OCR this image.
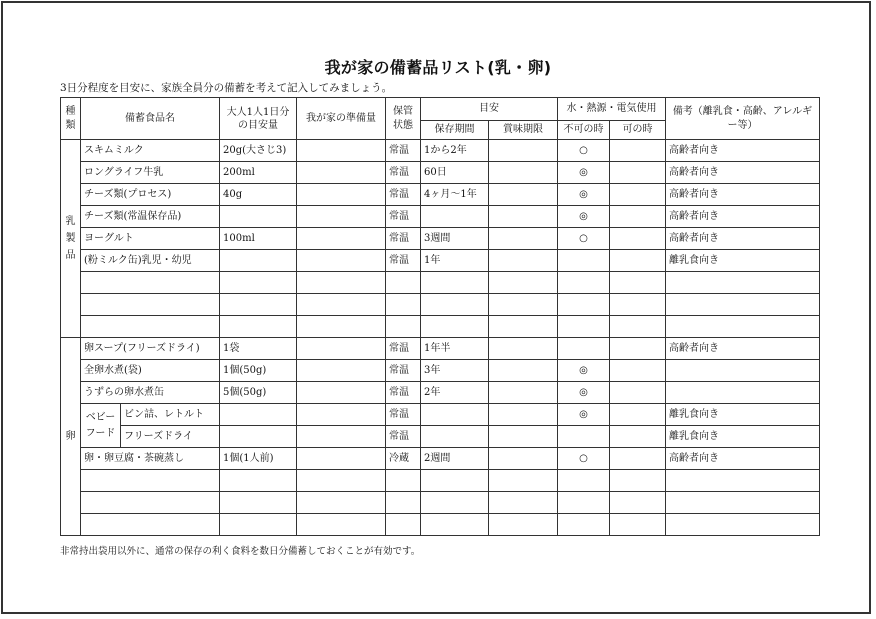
我が家の備蓄品リスト(乳・卵)
3日分程度を目安に、家族全員分の備蓄を考えて記入してみましょう。
種類	備蓄食品名		大人1人1日分の目安量	我が家の準備量	保管状態	目安		水・熱源・電気使用		備考（離乳食・高齢、アレルギー等）
						保存期間	賞味期限	不可の時	可の時	
乳製品	スキムミルク		20g(大さじ3)		常温	1から2年		○		高齢者向き
	ロングライフ牛乳		200ml		常温	60日		◎		高齢者向き
	チーズ類(プロセス)		40g		常温	4ヶ月～1年		◎		高齢者向き
	チーズ類(常温保存品)				常温			◎		高齢者向き
	ヨーグルト		100ml		常温	3週間		○		高齢者向き
	(粉ミルク缶)乳児・幼児				常温	1年				離乳食向き

卵	卵スープ(フリーズドライ)		1袋		常温	1年半				高齢者向き
	全卵水煮(袋)		1個(50g)		常温	3年		◎		
	うずらの卵水煮缶		5個(50g)		常温	2年		◎		
	ベビーフード	ビン詰、レトルト			常温			◎		離乳食向き
		フリーズドライ			常温					離乳食向き
	卵・卵豆腐・茶碗蒸し		1個(1人前)		冷蔵	2週間		○		高齢者向き

非常持出袋用以外に、通常の保存の利く食料を数日分備蓄しておくことが有効です。
